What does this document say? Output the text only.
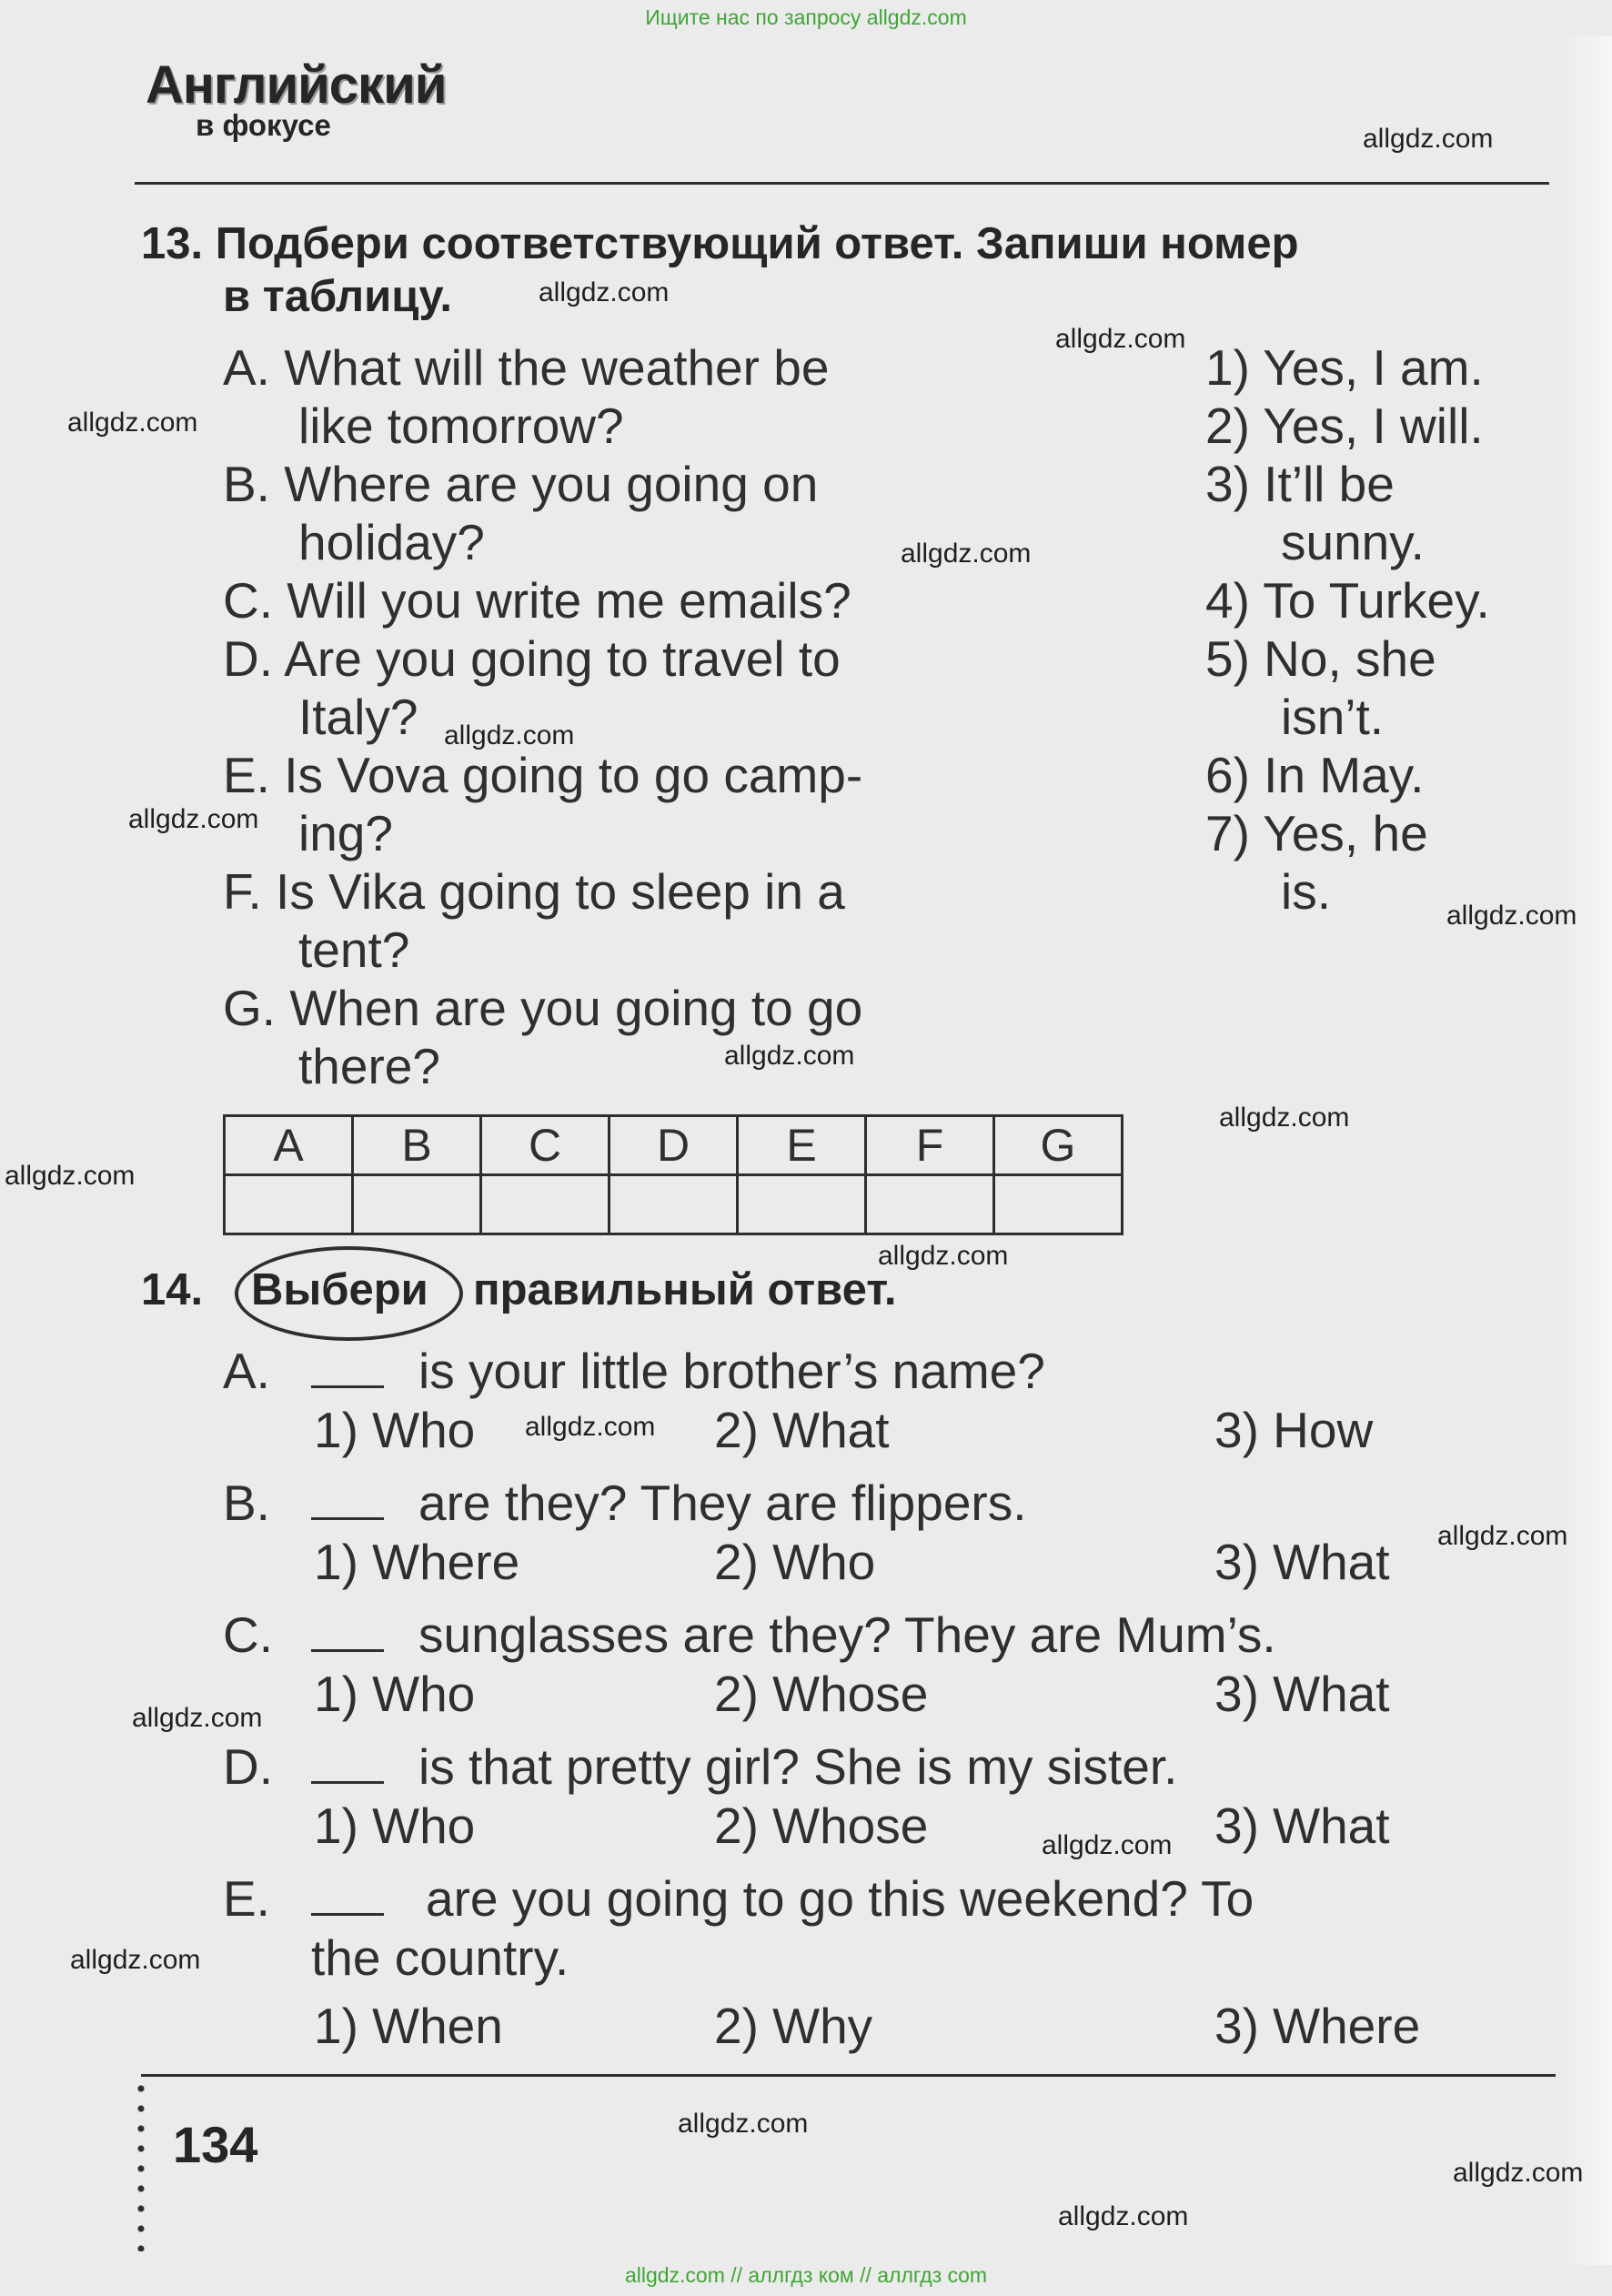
Ищите нас по запросу allgdz.com
Английский
в фокусе
13. Подбери соответствующий ответ. Запиши номер
в таблицу.
A. What will the weather be
like tomorrow?
B. Where are you going on
holiday?
C. Will you write me emails?
D. Are you going to travel to
Italy?
E. Is Vova going to go camp-
ing?
F. Is Vika going to sleep in a
tent?
G. When are you going to go
there?
1) Yes, I am.
2) Yes, I will.
3) It’ll be
sunny.
4) To Turkey.
5) No, she
isn’t.
6) In May.
7) Yes, he
is.
A	B	C	D	E	F	G

14. Выбери правильный ответ.
A.	is your little brother’s name?
1) Who	2) What	3) How
B.	are they? They are flippers.
1) Where	2) Who	3) What
C.	sunglasses are they? They are Mum’s.
1) Who	2) Whose	3) What
D.	is that pretty girl? She is my sister.
1) Who	2) Whose	3) What
E.	are you going to go this weekend? To
the country.
1) When	2) Why	3) Where
134
allgdz.com
allgdz.com
allgdz.com
allgdz.com
allgdz.com
allgdz.com
allgdz.com
allgdz.com
allgdz.com
allgdz.com
allgdz.com
allgdz.com
allgdz.com
allgdz.com
allgdz.com
allgdz.com
allgdz.com
allgdz.com
allgdz.com
allgdz.com
allgdz.com // аллгдз ком // аллгдз com
